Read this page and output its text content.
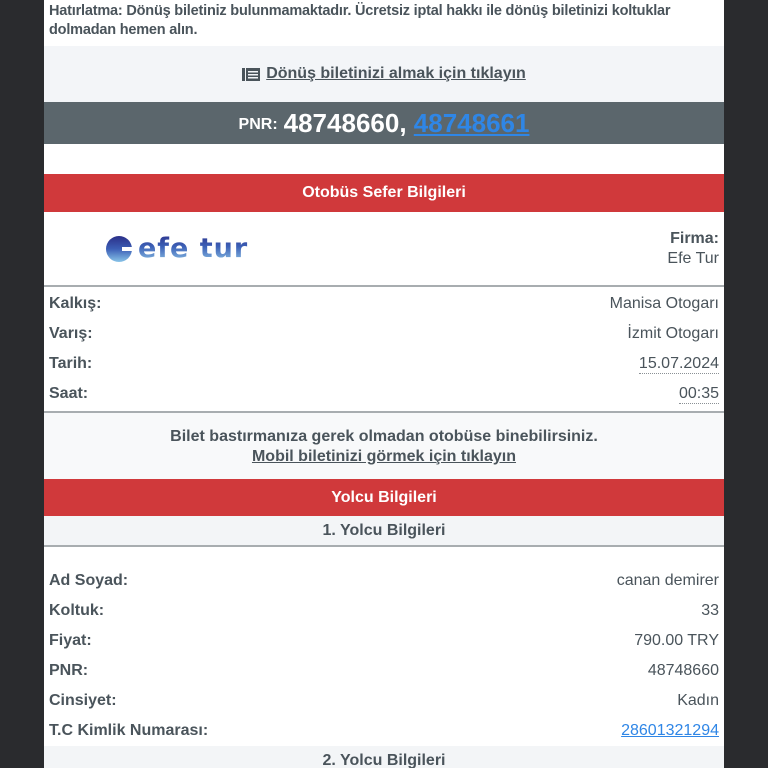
Hatırlatma: Dönüş biletiniz bulunmamaktadır. Ücretsiz iptal hakkı ile dönüş biletinizi koltuklar dolmadan hemen alın.
Dönüş biletinizi almak için tıklayın
PNR: 48748660, 48748661
Otobüs Sefer Bilgileri
efe tur	Firma:
Efe Tur
Kalkış:	Manisa Otogarı
Varış:	İzmit Otogarı
Tarih:	15.07.2024
Saat:	00:35
Bilet bastırmanıza gerek olmadan otobüse binebilirsiniz.
Mobil biletinizi görmek için tıklayın
Yolcu Bilgileri
1. Yolcu Bilgileri
Ad Soyad:	canan demirer
Koltuk:	33
Fiyat:	790.00 TRY
PNR:	48748660
Cinsiyet:	Kadın
T.C Kimlik Numarası:	28601321294
2. Yolcu Bilgileri
